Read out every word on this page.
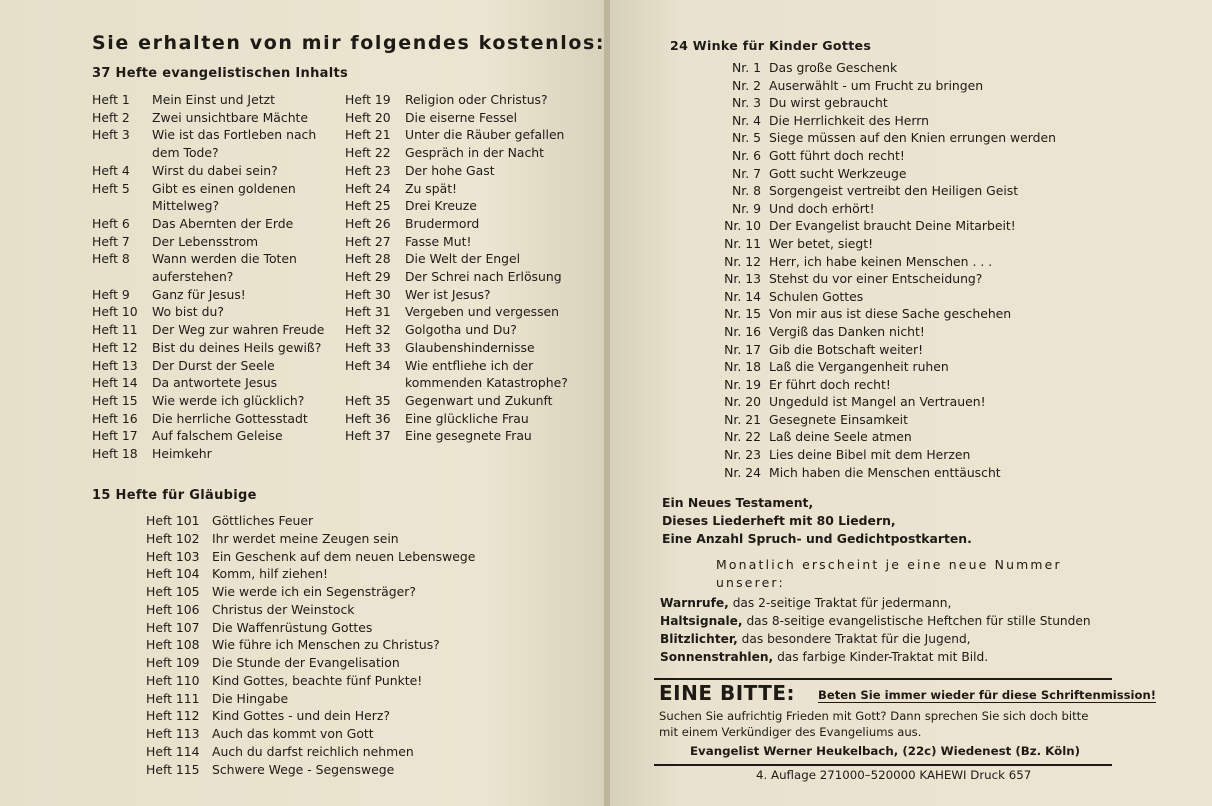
Sie erhalten von mir folgendes kostenlos:
37 Hefte evangelistischen Inhalts
Heft 1	Mein Einst und Jetzt
Heft 2	Zwei unsichtbare Mächte
Heft 3	Wie ist das Fortleben nach
dem Tode?
Heft 4	Wirst du dabei sein?
Heft 5	Gibt es einen goldenen
Mittelweg?
Heft 6	Das Abernten der Erde
Heft 7	Der Lebensstrom
Heft 8	Wann werden die Toten
auferstehen?
Heft 9	Ganz für Jesus!
Heft 10	Wo bist du?
Heft 11	Der Weg zur wahren Freude
Heft 12	Bist du deines Heils gewiß?
Heft 13	Der Durst der Seele
Heft 14	Da antwortete Jesus
Heft 15	Wie werde ich glücklich?
Heft 16	Die herrliche Gottesstadt
Heft 17	Auf falschem Geleise
Heft 18	Heimkehr
Heft 19	Religion oder Christus?
Heft 20	Die eiserne Fessel
Heft 21	Unter die Räuber gefallen
Heft 22	Gespräch in der Nacht
Heft 23	Der hohe Gast
Heft 24	Zu spät!
Heft 25	Drei Kreuze
Heft 26	Brudermord
Heft 27	Fasse Mut!
Heft 28	Die Welt der Engel
Heft 29	Der Schrei nach Erlösung
Heft 30	Wer ist Jesus?
Heft 31	Vergeben und vergessen
Heft 32	Golgotha und Du?
Heft 33	Glaubenshindernisse
Heft 34	Wie entfliehe ich der
kommenden Katastrophe?
Heft 35	Gegenwart und Zukunft
Heft 36	Eine glückliche Frau
Heft 37	Eine gesegnete Frau
15 Hefte für Gläubige
Heft 101	Göttliches Feuer
Heft 102	Ihr werdet meine Zeugen sein
Heft 103	Ein Geschenk auf dem neuen Lebenswege
Heft 104	Komm, hilf ziehen!
Heft 105	Wie werde ich ein Segensträger?
Heft 106	Christus der Weinstock
Heft 107	Die Waffenrüstung Gottes
Heft 108	Wie führe ich Menschen zu Christus?
Heft 109	Die Stunde der Evangelisation
Heft 110	Kind Gottes, beachte fünf Punkte!
Heft 111	Die Hingabe
Heft 112	Kind Gottes - und dein Herz?
Heft 113	Auch das kommt von Gott
Heft 114	Auch du darfst reichlich nehmen
Heft 115	Schwere Wege - Segenswege
24 Winke für Kinder Gottes
Nr. 1 Das große Geschenk
Nr. 2 Auserwählt - um Frucht zu bringen
Nr. 3 Du wirst gebraucht
Nr. 4 Die Herrlichkeit des Herrn
Nr. 5 Siege müssen auf den Knien errungen werden
Nr. 6 Gott führt doch recht!
Nr. 7 Gott sucht Werkzeuge
Nr. 8 Sorgengeist vertreibt den Heiligen Geist
Nr. 9 Und doch erhört!
Nr. 10 Der Evangelist braucht Deine Mitarbeit!
Nr. 11 Wer betet, siegt!
Nr. 12 Herr, ich habe keinen Menschen . . .
Nr. 13 Stehst du vor einer Entscheidung?
Nr. 14 Schulen Gottes
Nr. 15 Von mir aus ist diese Sache geschehen
Nr. 16 Vergiß das Danken nicht!
Nr. 17 Gib die Botschaft weiter!
Nr. 18 Laß die Vergangenheit ruhen
Nr. 19 Er führt doch recht!
Nr. 20 Ungeduld ist Mangel an Vertrauen!
Nr. 21 Gesegnete Einsamkeit
Nr. 22 Laß deine Seele atmen
Nr. 23 Lies deine Bibel mit dem Herzen
Nr. 24 Mich haben die Menschen enttäuscht
Ein Neues Testament,
Dieses Liederheft mit 80 Liedern,
Eine Anzahl Spruch- und Gedichtpostkarten.
Monatlich erscheint je eine neue Nummer
unserer:
Warnrufe, das 2-seitige Traktat für jedermann,
Haltsignale, das 8-seitige evangelistische Heftchen für stille Stunden
Blitzlichter, das besondere Traktat für die Jugend,
Sonnenstrahlen, das farbige Kinder-Traktat mit Bild.
EINE BITTE: Beten Sie immer wieder für diese Schriftenmission!
Suchen Sie aufrichtig Frieden mit Gott? Dann sprechen Sie sich doch bitte
mit einem Verkündiger des Evangeliums aus.
Evangelist Werner Heukelbach, (22c) Wiedenest (Bz. Köln)
4. Auflage 271000–520000 KAHEWI Druck 657
